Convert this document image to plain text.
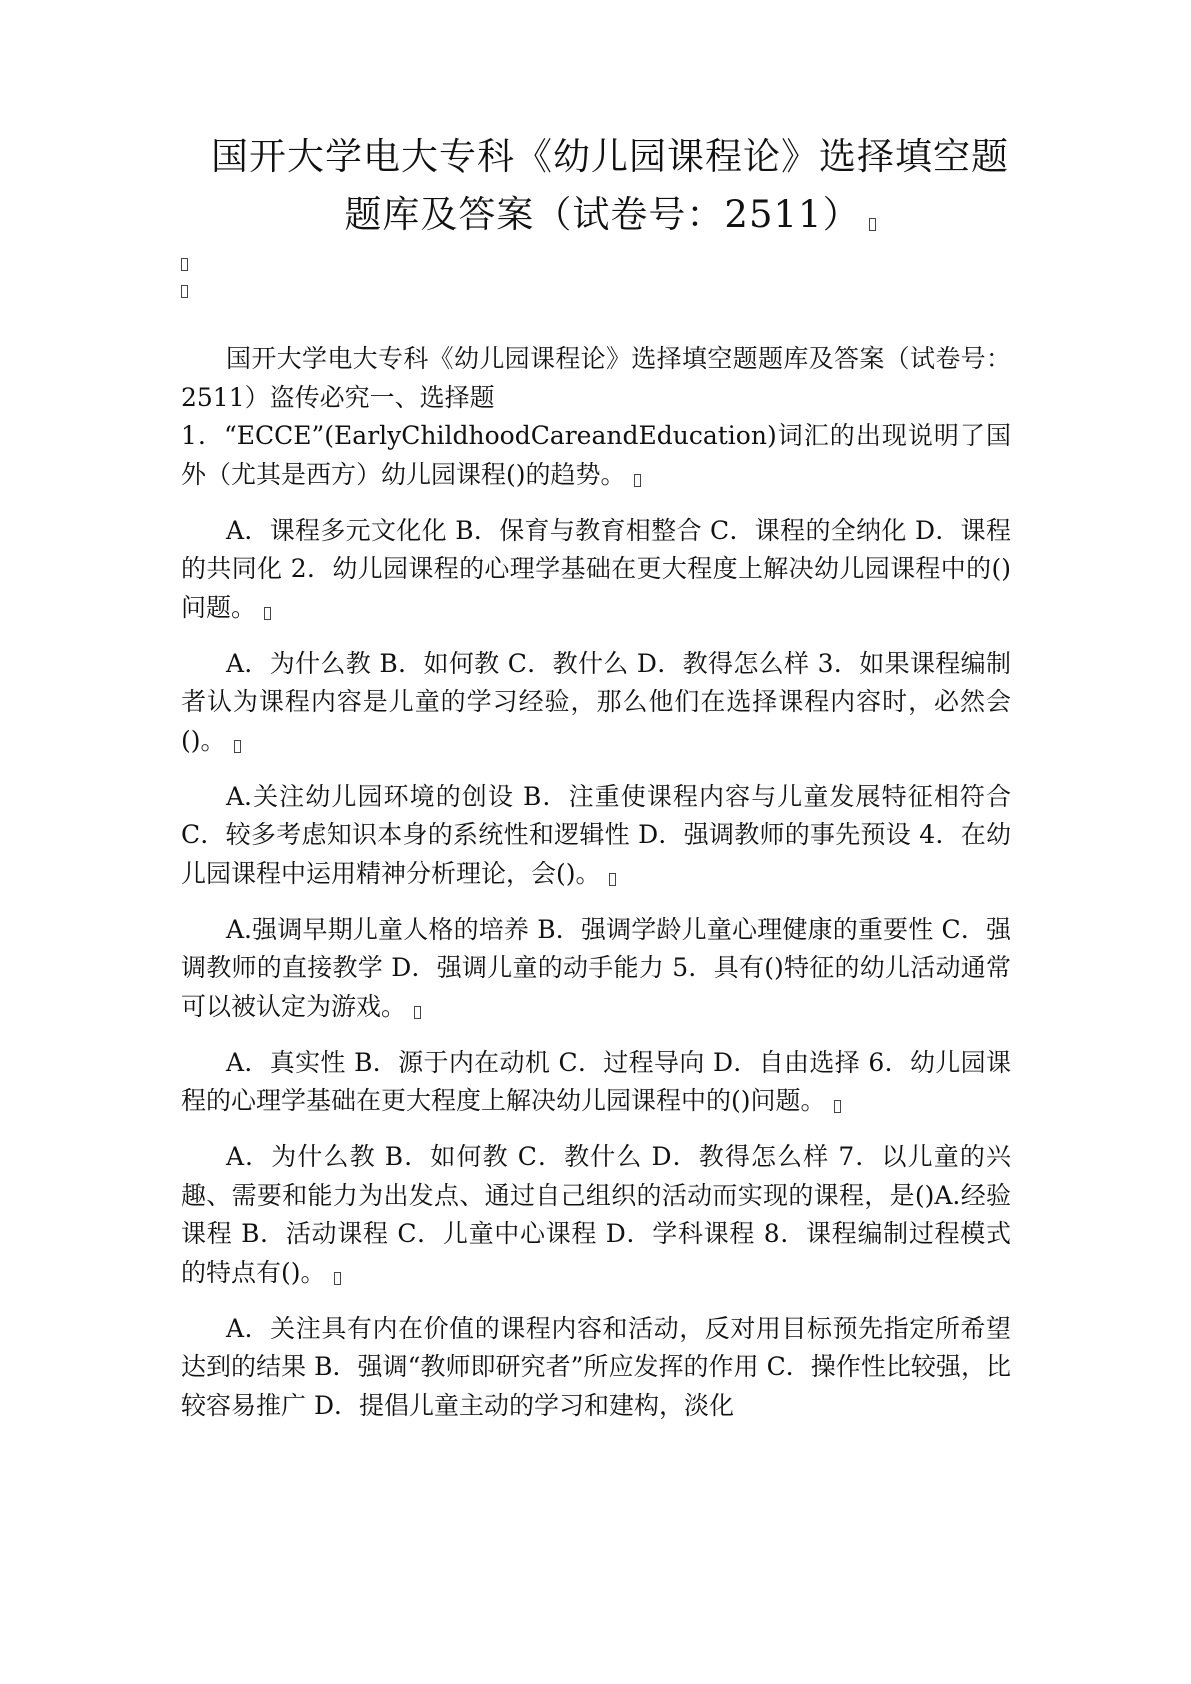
国开大学电大专科《幼儿园课程论》选择填空题
题库及答案（试卷号：2511）

国开大学电大专科《幼儿园课程论》选择填空题题库及答案（试卷号：2511）盗传必究一、选择题

1．“ECCE”(EarlyChildhoodCareandEducation)词汇的出现说明了国外（尤其是西方）幼儿园课程()的趋势。

A．课程多元文化化 B．保育与教育相整合 C．课程的全纳化 D．课程的共同化 2．幼儿园课程的心理学基础在更大程度上解决幼儿园课程中的()问题。

A．为什么教 B．如何教 C．教什么 D．教得怎么样 3．如果课程编制者认为课程内容是儿童的学习经验，那么他们在选择课程内容时，必然会()。

A.关注幼儿园环境的创设 B．注重使课程内容与儿童发展特征相符合 C．较多考虑知识本身的系统性和逻辑性 D．强调教师的事先预设 4．在幼儿园课程中运用精神分析理论，会()。

A.强调早期儿童人格的培养 B．强调学龄儿童心理健康的重要性 C．强调教师的直接教学 D．强调儿童的动手能力 5．具有()特征的幼儿活动通常可以被认定为游戏。

A．真实性 B．源于内在动机 C．过程导向 D．自由选择 6．幼儿园课程的心理学基础在更大程度上解决幼儿园课程中的()问题。

A．为什么教 B．如何教 C．教什么 D．教得怎么样 7．以儿童的兴趣、需要和能力为出发点、通过自己组织的活动而实现的课程，是()A.经验课程 B．活动课程 C．儿童中心课程 D．学科课程 8．课程编制过程模式的特点有()。

A．关注具有内在价值的课程内容和活动，反对用目标预先指定所希望达到的结果 B．强调“教师即研究者”所应发挥的作用 C．操作性比较强，比较容易推广 D．提倡儿童主动的学习和建构，淡化
